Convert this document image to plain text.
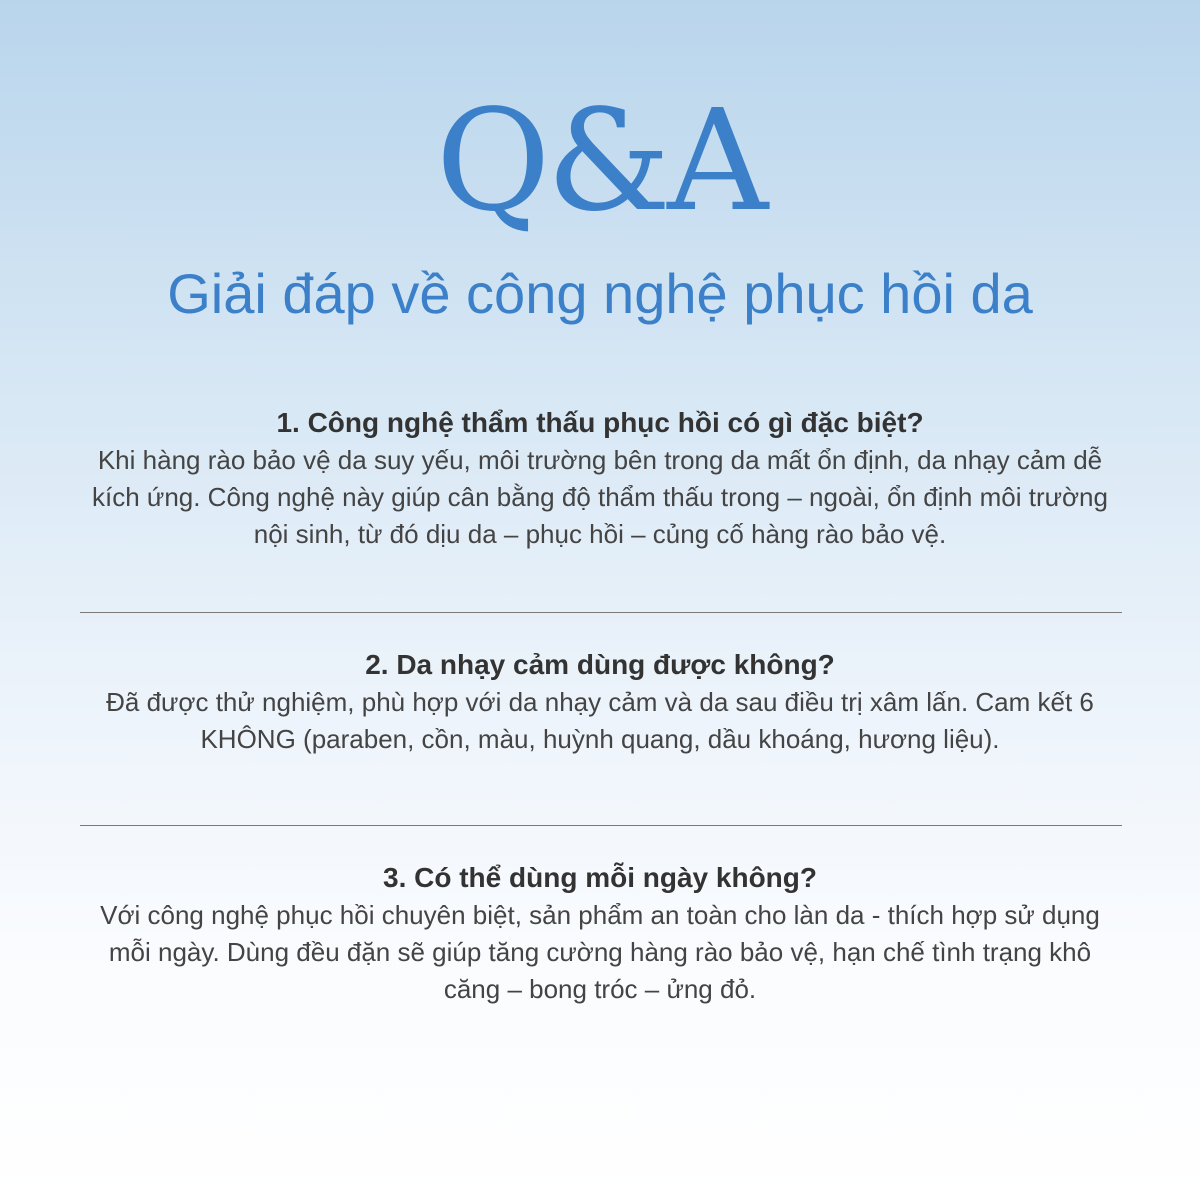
Q&A
Giải đáp về công nghệ phục hồi da
1. Công nghệ thẩm thấu phục hồi có gì đặc biệt?
Khi hàng rào bảo vệ da suy yếu, môi trường bên trong da mất ổn định, da nhạy cảm dễ kích ứng. Công nghệ này giúp cân bằng độ thẩm thấu trong – ngoài, ổn định môi trường nội sinh, từ đó dịu da – phục hồi – củng cố hàng rào bảo vệ.
2. Da nhạy cảm dùng được không?
Đã được thử nghiệm, phù hợp với da nhạy cảm và da sau điều trị xâm lấn. Cam kết 6 KHÔNG (paraben, cồn, màu, huỳnh quang, dầu khoáng, hương liệu).
3. Có thể dùng mỗi ngày không?
Với công nghệ phục hồi chuyên biệt, sản phẩm an toàn cho làn da - thích hợp sử dụng mỗi ngày. Dùng đều đặn sẽ giúp tăng cường hàng rào bảo vệ, hạn chế tình trạng khô căng – bong tróc – ửng đỏ.
